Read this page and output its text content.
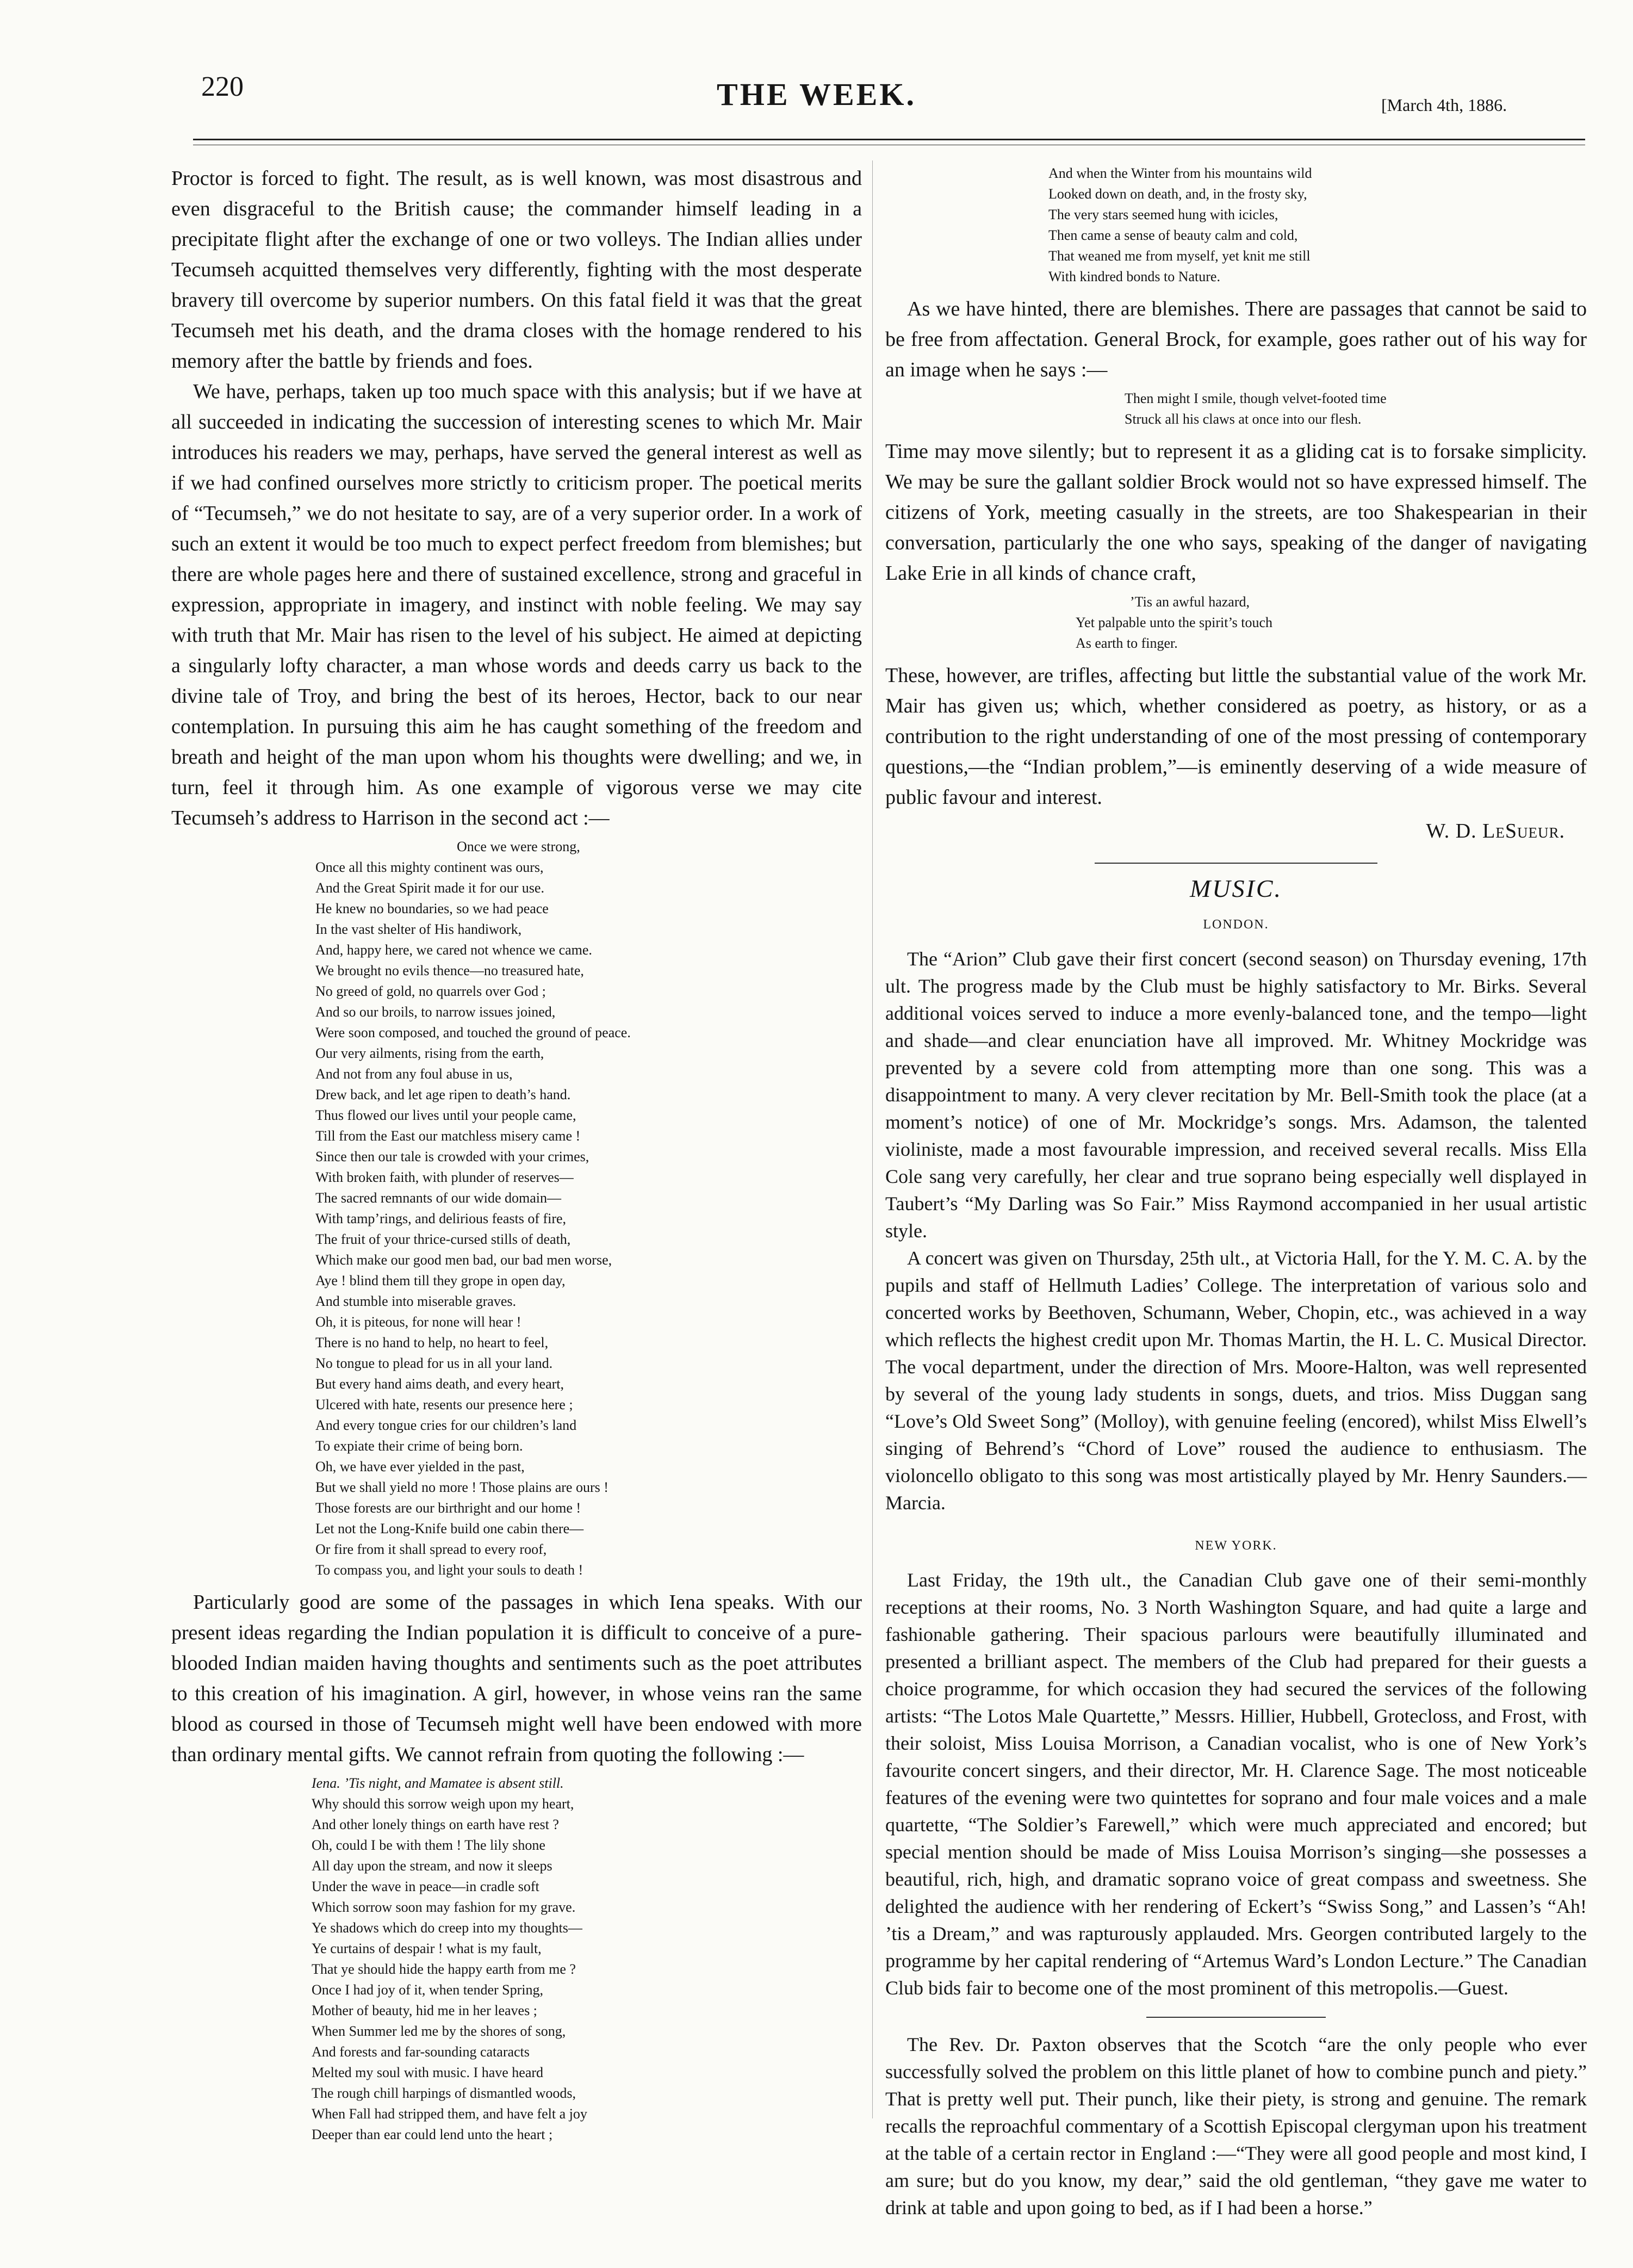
220	THE WEEK.	[March 4th, 1886.

Proctor is forced to fight. The result, as is well known, was most disastrous and even disgraceful to the British cause; the commander himself leading in a precipitate flight after the exchange of one or two volleys. The Indian allies under Tecumseh acquitted themselves very differently, fighting with the most desperate bravery till overcome by superior numbers. On this fatal field it was that the great Tecumseh met his death, and the drama closes with the homage rendered to his memory after the battle by friends and foes.

We have, perhaps, taken up too much space with this analysis; but if we have at all succeeded in indicating the succession of interesting scenes to which Mr. Mair introduces his readers we may, perhaps, have served the general interest as well as if we had confined ourselves more strictly to criticism proper. The poetical merits of “Tecumseh,” we do not hesitate to say, are of a very superior order. In a work of such an extent it would be too much to expect perfect freedom from blemishes; but there are whole pages here and there of sustained excellence, strong and graceful in expression, appropriate in imagery, and instinct with noble feeling. We may say with truth that Mr. Mair has risen to the level of his subject. He aimed at depicting a singularly lofty character, a man whose words and deeds carry us back to the divine tale of Troy, and bring the best of its heroes, Hector, back to our near contemplation. In pursuing this aim he has caught something of the freedom and breath and height of the man upon whom his thoughts were dwelling; and we, in turn, feel it through him. As one example of vigorous verse we may cite Tecumseh’s address to Harrison in the second act :—

Once we were strong,
Once all this mighty continent was ours,
And the Great Spirit made it for our use.
He knew no boundaries, so we had peace
In the vast shelter of His handiwork,
And, happy here, we cared not whence we came.
We brought no evils thence—no treasured hate,
No greed of gold, no quarrels over God ;
And so our broils, to narrow issues joined,
Were soon composed, and touched the ground of peace.
Our very ailments, rising from the earth,
And not from any foul abuse in us,
Drew back, and let age ripen to death’s hand.
Thus flowed our lives until your people came,
Till from the East our matchless misery came !
Since then our tale is crowded with your crimes,
With broken faith, with plunder of reserves—
The sacred remnants of our wide domain—
With tamp’rings, and delirious feasts of fire,
The fruit of your thrice-cursed stills of death,
Which make our good men bad, our bad men worse,
Aye ! blind them till they grope in open day,
And stumble into miserable graves.
Oh, it is piteous, for none will hear !
There is no hand to help, no heart to feel,
No tongue to plead for us in all your land.
But every hand aims death, and every heart,
Ulcered with hate, resents our presence here ;
And every tongue cries for our children’s land
To expiate their crime of being born.
Oh, we have ever yielded in the past,
But we shall yield no more ! Those plains are ours !
Those forests are our birthright and our home !
Let not the Long-Knife build one cabin there—
Or fire from it shall spread to every roof,
To compass you, and light your souls to death !

Particularly good are some of the passages in which Iena speaks. With our present ideas regarding the Indian population it is difficult to conceive of a pure-blooded Indian maiden having thoughts and sentiments such as the poet attributes to this creation of his imagination. A girl, however, in whose veins ran the same blood as coursed in those of Tecumseh might well have been endowed with more than ordinary mental gifts. We cannot refrain from quoting the following :—

Iena. ’Tis night, and Mamatee is absent still.
Why should this sorrow weigh upon my heart,
And other lonely things on earth have rest ?
Oh, could I be with them ! The lily shone
All day upon the stream, and now it sleeps
Under the wave in peace—in cradle soft
Which sorrow soon may fashion for my grave.
Ye shadows which do creep into my thoughts—
Ye curtains of despair ! what is my fault,
That ye should hide the happy earth from me ?
Once I had joy of it, when tender Spring,
Mother of beauty, hid me in her leaves ;
When Summer led me by the shores of song,
And forests and far-sounding cataracts
Melted my soul with music. I have heard
The rough chill harpings of dismantled woods,
When Fall had stripped them, and have felt a joy
Deeper than ear could lend unto the heart ;
And when the Winter from his mountains wild
Looked down on death, and, in the frosty sky,
The very stars seemed hung with icicles,
Then came a sense of beauty calm and cold,
That weaned me from myself, yet knit me still
With kindred bonds to Nature.

As we have hinted, there are blemishes. There are passages that cannot be said to be free from affectation. General Brock, for example, goes rather out of his way for an image when he says :—

Then might I smile, though velvet-footed time
Struck all his claws at once into our flesh.

Time may move silently; but to represent it as a gliding cat is to forsake simplicity. We may be sure the gallant soldier Brock would not so have expressed himself. The citizens of York, meeting casually in the streets, are too Shakespearian in their conversation, particularly the one who says, speaking of the danger of navigating Lake Erie in all kinds of chance craft,

’Tis an awful hazard,
Yet palpable unto the spirit’s touch
As earth to finger.

These, however, are trifles, affecting but little the substantial value of the work Mr. Mair has given us; which, whether considered as poetry, as history, or as a contribution to the right understanding of one of the most pressing of contemporary questions,—the “Indian problem,”—is eminently deserving of a wide measure of public favour and interest.

W. D. LeSueur.
MUSIC.
LONDON.

The “Arion” Club gave their first concert (second season) on Thursday evening, 17th ult. The progress made by the Club must be highly satisfactory to Mr. Birks. Several additional voices served to induce a more evenly-balanced tone, and the tempo—light and shade—and clear enunciation have all improved. Mr. Whitney Mockridge was prevented by a severe cold from attempting more than one song. This was a disappointment to many. A very clever recitation by Mr. Bell-Smith took the place (at a moment’s notice) of one of Mr. Mockridge’s songs. Mrs. Adamson, the talented violiniste, made a most favourable impression, and received several recalls. Miss Ella Cole sang very carefully, her clear and true soprano being especially well displayed in Taubert’s “My Darling was So Fair.” Miss Raymond accompanied in her usual artistic style.

A concert was given on Thursday, 25th ult., at Victoria Hall, for the Y. M. C. A. by the pupils and staff of Hellmuth Ladies’ College. The interpretation of various solo and concerted works by Beethoven, Schumann, Weber, Chopin, etc., was achieved in a way which reflects the highest credit upon Mr. Thomas Martin, the H. L. C. Musical Director. The vocal department, under the direction of Mrs. Moore-Halton, was well represented by several of the young lady students in songs, duets, and trios. Miss Duggan sang “Love’s Old Sweet Song” (Molloy), with genuine feeling (encored), whilst Miss Elwell’s singing of Behrend’s “Chord of Love” roused the audience to enthusiasm. The violoncello obligato to this song was most artistically played by Mr. Henry Saunders.—Marcia.

NEW YORK.

Last Friday, the 19th ult., the Canadian Club gave one of their semi-monthly receptions at their rooms, No. 3 North Washington Square, and had quite a large and fashionable gathering. Their spacious parlours were beautifully illuminated and presented a brilliant aspect. The members of the Club had prepared for their guests a choice programme, for which occasion they had secured the services of the following artists: “The Lotos Male Quartette,” Messrs. Hillier, Hubbell, Grotecloss, and Frost, with their soloist, Miss Louisa Morrison, a Canadian vocalist, who is one of New York’s favourite concert singers, and their director, Mr. H. Clarence Sage. The most noticeable features of the evening were two quintettes for soprano and four male voices and a male quartette, “The Soldier’s Farewell,” which were much appreciated and encored; but special mention should be made of Miss Louisa Morrison’s singing—she possesses a beautiful, rich, high, and dramatic soprano voice of great compass and sweetness. She delighted the audience with her rendering of Eckert’s “Swiss Song,” and Lassen’s “Ah! ’tis a Dream,” and was rapturously applauded. Mrs. Georgen contributed largely to the programme by her capital rendering of “Artemus Ward’s London Lecture.” The Canadian Club bids fair to become one of the most prominent of this metropolis.—Guest.

The Rev. Dr. Paxton observes that the Scotch “are the only people who ever successfully solved the problem on this little planet of how to combine punch and piety.” That is pretty well put. Their punch, like their piety, is strong and genuine. The remark recalls the reproachful commentary of a Scottish Episcopal clergyman upon his treatment at the table of a certain rector in England :—“They were all good people and most kind, I am sure; but do you know, my dear,” said the old gentleman, “they gave me water to drink at table and upon going to bed, as if I had been a horse.”
